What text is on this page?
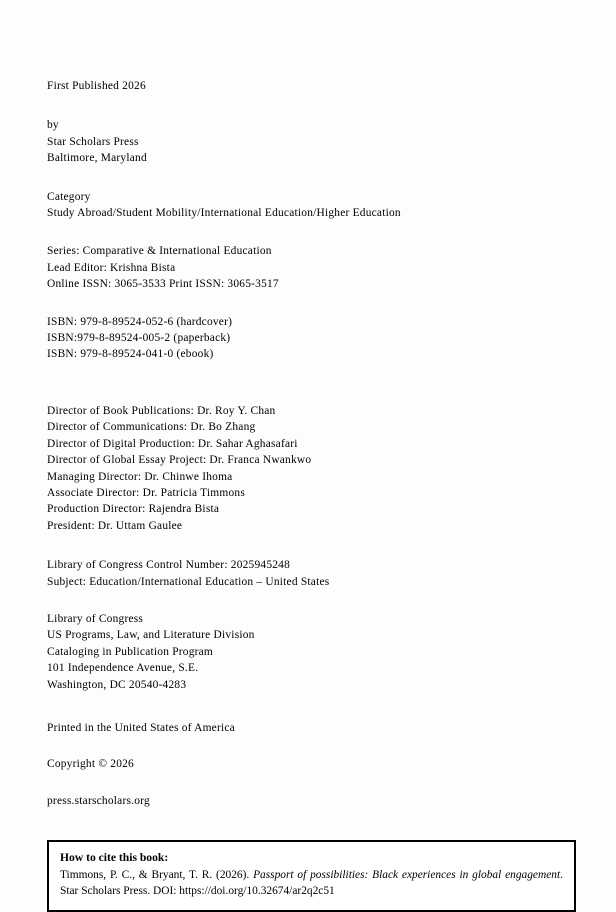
First Published 2026
by
Star Scholars Press
Baltimore, Maryland
Category
Study Abroad/Student Mobility/International Education/Higher Education
Series: Comparative & International Education
Lead Editor: Krishna Bista
Online ISSN: 3065-3533 Print ISSN: 3065-3517
ISBN: 979-8-89524-052-6 (hardcover)
ISBN:979-8-89524-005-2 (paperback)
ISBN: 979-8-89524-041-0 (ebook)
Director of Book Publications: Dr. Roy Y. Chan
Director of Communications: Dr. Bo Zhang
Director of Digital Production: Dr. Sahar Aghasafari
Director of Global Essay Project: Dr. Franca Nwankwo
Managing Director: Dr. Chinwe Ihoma
Associate Director: Dr. Patricia Timmons
Production Director: Rajendra Bista
President: Dr. Uttam Gaulee
Library of Congress Control Number: 2025945248
Subject: Education/International Education – United States
Library of Congress
US Programs, Law, and Literature Division
Cataloging in Publication Program
101 Independence Avenue, S.E.
Washington, DC 20540-4283
Printed in the United States of America
Copyright © 2026
press.starscholars.org
How to cite this book:
Timmons, P. C., & Bryant, T. R. (2026). Passport of possibilities: Black experiences in global engagement. Star Scholars Press. DOI: https://doi.org/10.32674/ar2q2c51
